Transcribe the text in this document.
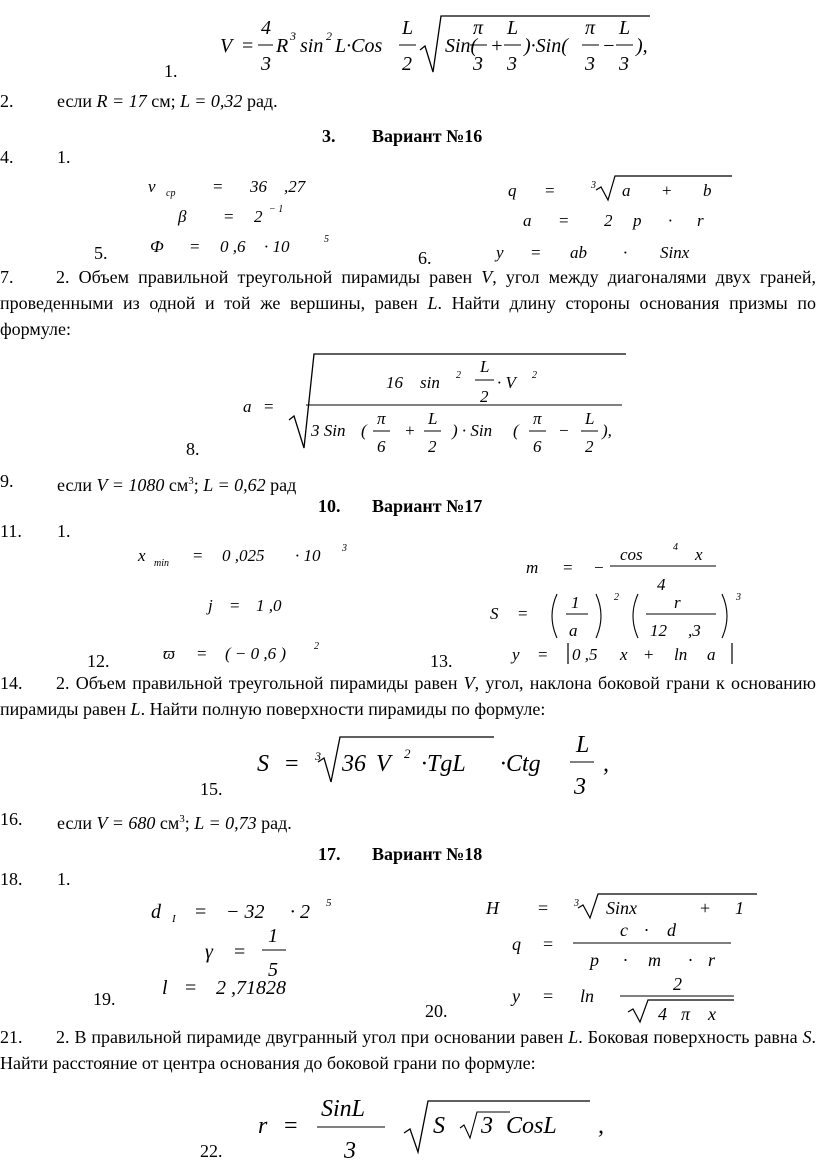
1.
2. если R = 17 см; L = 0,32 рад.
3. Вариант №16
4. 1.
5.	6.
7.	2. Объем правильной треугольной пирамиды равен V, угол между диагоналями двух граней, проведенными из одной и той же вершины, равен L. Найти длину стороны основания призмы по формуле:
8.
9. если V = 1080 $см^3$; L = 0,62 рад
10. Вариант №17
11. 1.
12.	13.
14.	2. Объем правильной треугольной пирамиды равен V, угол, наклона боковой грани к основанию пирамиды равен L. Найти полную поверхности пирамиды по формуле:
15.
16. если V = 680 $см^3$; L = 0,73 рад.
17. Вариант №18
18. 1.
19.
20.
21.	2. В правильной пирамиде двугранный угол при основании равен L. Боковая поверхность равна S. Найти расстояние от центра основания до боковой грани по формуле:
22.
V =
4
3
R 3 sin 2 L·Cos
L
2
Sin(
π
3
+
L
3
)·Sin(
π
3
−
L
3
),
v ср = 36 ,27
β = 2 − 1
Ф = 0 ,6 · 10	5
q =	3 a + b
a = 2 p · r
y = ab · Sinx
a =
16 sin 2 L
2
· V 2
3 Sin (
π
6
+
L
2
) · Sin (
π
6
−
L
2
),
x min = 0 ,025 · 10 3
j = 1 ,0
ϖ = ( − 0 ,6 )	2
m = −
cos	4 x
4
S =
1
a
2	r
12 ,3
3
y = 0 ,5 x + ln a
S = 3 36 V 2 ·TgL ·Ctg
L
3
,
d I = − 32 · 2 5
γ =
1
5
l = 2 ,71828
H =	3 Sinx	+ 1
q =
c · d
p · m · r
y = ln
2
4 π x
r =
SinL
3
S 3 CosL ,
